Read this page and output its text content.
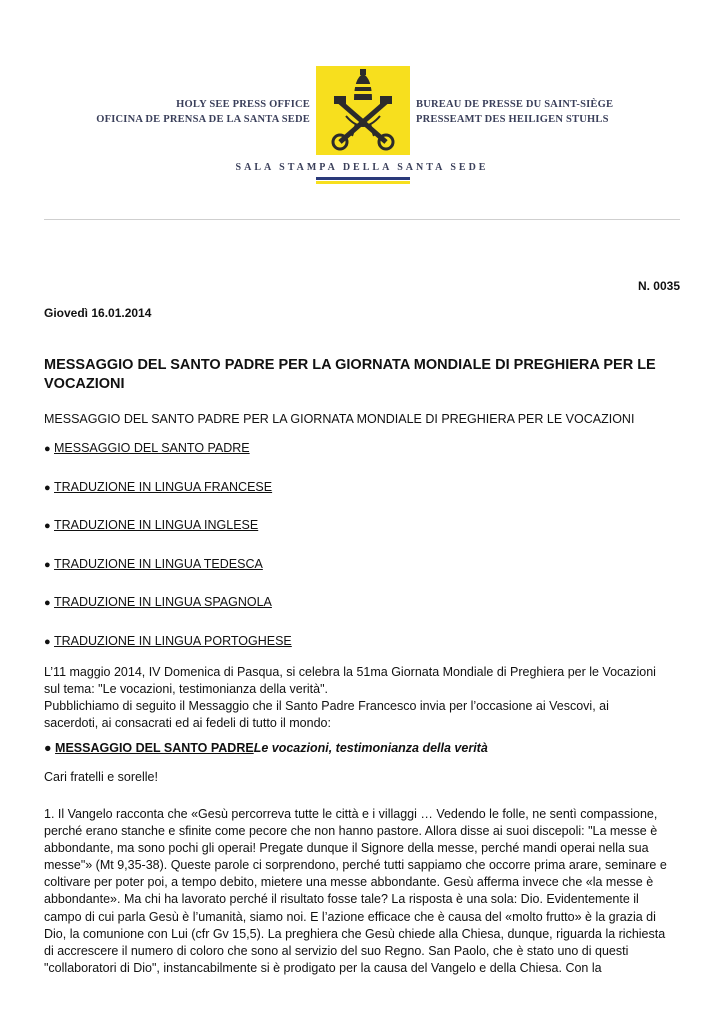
HOLY SEE PRESS OFFICE
OFICINA DE PRENSA DE LA SANTA SEDE
BUREAU DE PRESSE DU SAINT-SIÈGE
PRESSEAMT DES HEILIGEN STUHLS
SALA STAMPA DELLA SANTA SEDE
N. 0035
Giovedì 16.01.2014
MESSAGGIO DEL SANTO PADRE PER LA GIORNATA MONDIALE DI PREGHIERA PER LE VOCAZIONI
MESSAGGIO DEL SANTO PADRE PER LA GIORNATA MONDIALE DI PREGHIERA PER LE VOCAZIONI
● MESSAGGIO DEL SANTO PADRE
● TRADUZIONE IN LINGUA FRANCESE
● TRADUZIONE IN LINGUA INGLESE
● TRADUZIONE IN LINGUA TEDESCA
● TRADUZIONE IN LINGUA SPAGNOLA
● TRADUZIONE IN LINGUA PORTOGHESE
L’11 maggio 2014, IV Domenica di Pasqua, si celebra la 51ma Giornata Mondiale di Preghiera per le Vocazioni
sul tema: "Le vocazioni, testimonianza della verità".
Pubblichiamo di seguito il Messaggio che il Santo Padre Francesco invia per l’occasione ai Vescovi, ai
sacerdoti, ai consacrati ed ai fedeli di tutto il mondo:
● MESSAGGIO DEL SANTO PADRELe vocazioni, testimonianza della verità
Cari fratelli e sorelle!
1. Il Vangelo racconta che «Gesù percorreva tutte le città e i villaggi … Vedendo le folle, ne sentì compassione,
perché erano stanche e sfinite come pecore che non hanno pastore. Allora disse ai suoi discepoli: "La messe è
abbondante, ma sono pochi gli operai! Pregate dunque il Signore della messe, perché mandi operai nella sua
messe"» (Mt 9,35-38). Queste parole ci sorprendono, perché tutti sappiamo che occorre prima arare, seminare e
coltivare per poter poi, a tempo debito, mietere una messe abbondante. Gesù afferma invece che «la messe è
abbondante». Ma chi ha lavorato perché il risultato fosse tale? La risposta è una sola: Dio. Evidentemente il
campo di cui parla Gesù è l’umanità, siamo noi. E l’azione efficace che è causa del «molto frutto» è la grazia di
Dio, la comunione con Lui (cfr Gv 15,5). La preghiera che Gesù chiede alla Chiesa, dunque, riguarda la richiesta
di accrescere il numero di coloro che sono al servizio del suo Regno. San Paolo, che è stato uno di questi
"collaboratori di Dio", instancabilmente si è prodigato per la causa del Vangelo e della Chiesa. Con la
